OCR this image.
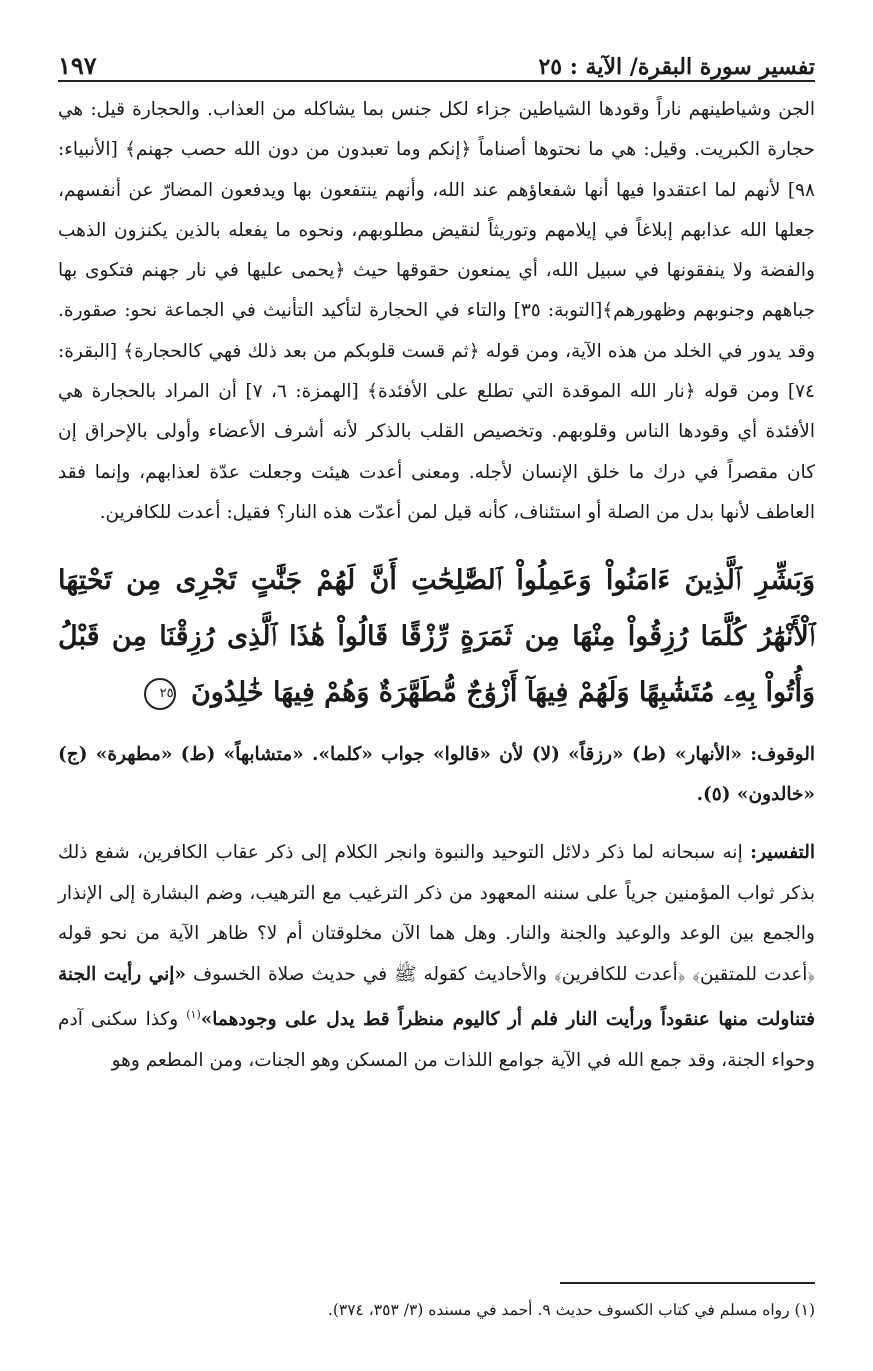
تفسير سورة البقرة/ الآية : ٢٥
١٩٧

الجن وشياطينهم ناراً وقودها الشياطين جزاء لكل جنس بما يشاكله من العذاب. والحجارة قيل: هي حجارة الكبريت. وقيل: هي ما نحتوها أصناماً ﴿إنكم وما تعبدون من دون الله حصب جهنم﴾ [الأنبياء: ٩٨] لأنهم لما اعتقدوا فيها أنها شفعاؤهم عند الله، وأنهم ينتفعون بها ويدفعون المضارّ عن أنفسهم، جعلها الله عذابهم إبلاغاً في إيلامهم وتوريثاً لنقيض مطلوبهم، ونحوه ما يفعله بالذين يكنزون الذهب والفضة ولا ينفقونها في سبيل الله، أي يمنعون حقوقها حيث ﴿يحمى عليها في نار جهنم فتكوى بها جباههم وجنوبهم وظهورهم﴾[التوبة: ٣٥] والتاء في الحجارة لتأكيد التأنيث في الجماعة نحو: صقورة. وقد يدور في الخلد من هذه الآية، ومن قوله ﴿ثم قست قلوبكم من بعد ذلك فهي كالحجارة﴾ [البقرة: ٧٤] ومن قوله ﴿نار الله الموقدة التي تطلع على الأفئدة﴾ [الهمزة: ٦، ٧] أن المراد بالحجارة هي الأفئدة أي وقودها الناس وقلوبهم. وتخصيص القلب بالذكر لأنه أشرف الأعضاء وأولى بالإحراق إن كان مقصراً في درك ما خلق الإنسان لأجله. ومعنى أعدت هيئت وجعلت عدّة لعذابهم، وإنما فقد العاطف لأنها بدل من الصلة أو استئناف، كأنه قيل لمن أعدّت هذه النار؟ فقيل: أعدت للكافرين.

وَبَشِّرِ ٱلَّذِينَ ءَامَنُواْ وَعَمِلُواْ ٱلصَّٰلِحَٰتِ أَنَّ لَهُمْ جَنَّٰتٍ تَجْرِى مِن تَحْتِهَا ٱلْأَنْهَٰرُ كُلَّمَا رُزِقُواْ مِنْهَا مِن ثَمَرَةٍ رِّزْقًا قَالُواْ هَٰذَا ٱلَّذِى رُزِقْنَا مِن قَبْلُ وَأُتُواْ بِهِۦ مُتَشَٰبِهًا وَلَهُمْ فِيهَآ أَزْوَٰجٌ مُّطَهَّرَةٌ وَهُمْ فِيهَا خَٰلِدُونَ ٢٥
الوقوف: «الأنهار» (ط) «رزقاً» (لا) لأن «قالوا» جواب «كلما». «متشابهاً» (ط) «مطهرة» (ج) «خالدون» (٥).
التفسير: إنه سبحانه لما ذكر دلائل التوحيد والنبوة وانجر الكلام إلى ذكر عقاب الكافرين، شفع ذلك بذكر ثواب المؤمنين جرياً على سننه المعهود من ذكر الترغيب مع الترهيب، وضم البشارة إلى الإنذار والجمع بين الوعد والوعيد والجنة والنار. وهل هما الآن مخلوقتان أم لا؟ ظاهر الآية من نحو قوله ﴿أعدت للمتقين﴾ ﴿أعدت للكافرين﴾ والأحاديث كقوله ﷺ في حديث صلاة الخسوف «إني رأيت الجنة فتناولت منها عنقوداً ورأيت النار فلم أر كاليوم منظراً قط يدل على وجودهما»$^{(١)}$ وكذا سكنى آدم وحواء الجنة، وقد جمع الله في الآية جوامع اللذات من المسكن وهو الجنات، ومن المطعم وهو
(١) رواه مسلم في كتاب الكسوف حديث ٩. أحمد في مسنده (٣/ ٣٥٣، ٣٧٤).
